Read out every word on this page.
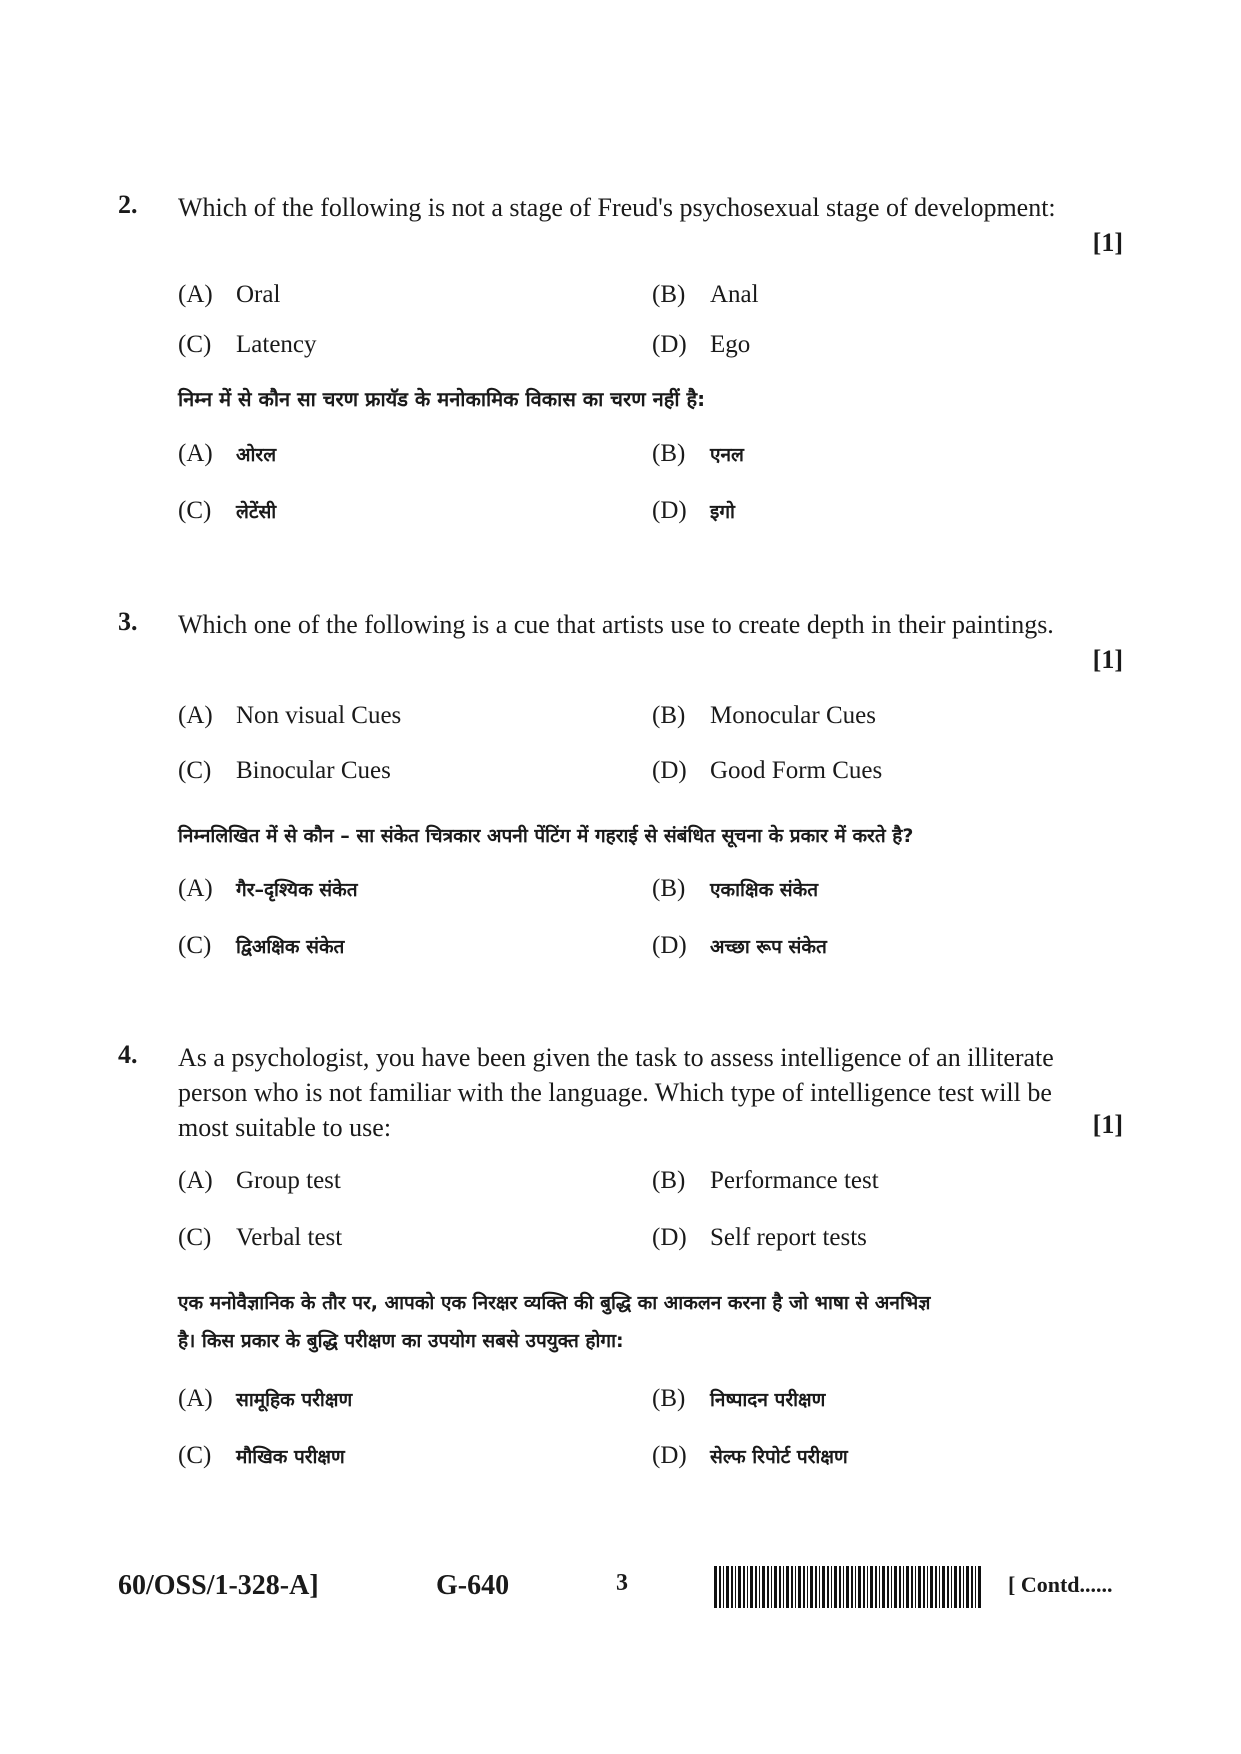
2. Which of the following is not a stage of Freud's psychosexual stage of development:
[1]
(A) Oral	(B) Anal
(C) Latency	(D) Ego
निम्न में से कौन सा चरण फ्रायॅड के मनोकामिक विकास का चरण नहीं है:
(A) ओरल	(B) एनल
(C) लेटेंसी	(D) इगो
3. Which one of the following is a cue that artists use to create depth in their paintings.
[1]
(A) Non visual Cues	(B) Monocular Cues
(C) Binocular Cues	(D) Good Form Cues
निम्नलिखित में से कौन – सा संकेत चित्रकार अपनी पेंटिंग में गहराई से संबंधित सूचना के प्रकार में करते है?
(A) गैर–दृश्यिक संकेत	(B) एकाक्षिक संकेत
(C) द्विअक्षिक संकेत	(D) अच्छा रूप संकेत
4. As a psychologist, you have been given the task to assess intelligence of an illiterate
person who is not familiar with the language. Which type of intelligence test will be
most suitable to use:	[1]
(A) Group test	(B) Performance test
(C) Verbal test	(D) Self report tests
एक मनोवैज्ञानिक के तौर पर, आपको एक निरक्षर व्यक्ति की बुद्धि का आकलन करना है जो भाषा से अनभिज्ञ
है। किस प्रकार के बुद्धि परीक्षण का उपयोग सबसे उपयुक्त होगा:
(A) सामूहिक परीक्षण	(B) निष्पादन परीक्षण
(C) मौखिक परीक्षण	(D) सेल्फ रिपोर्ट परीक्षण
60/OSS/1-328-A]	G-640	3	[ Contd......
